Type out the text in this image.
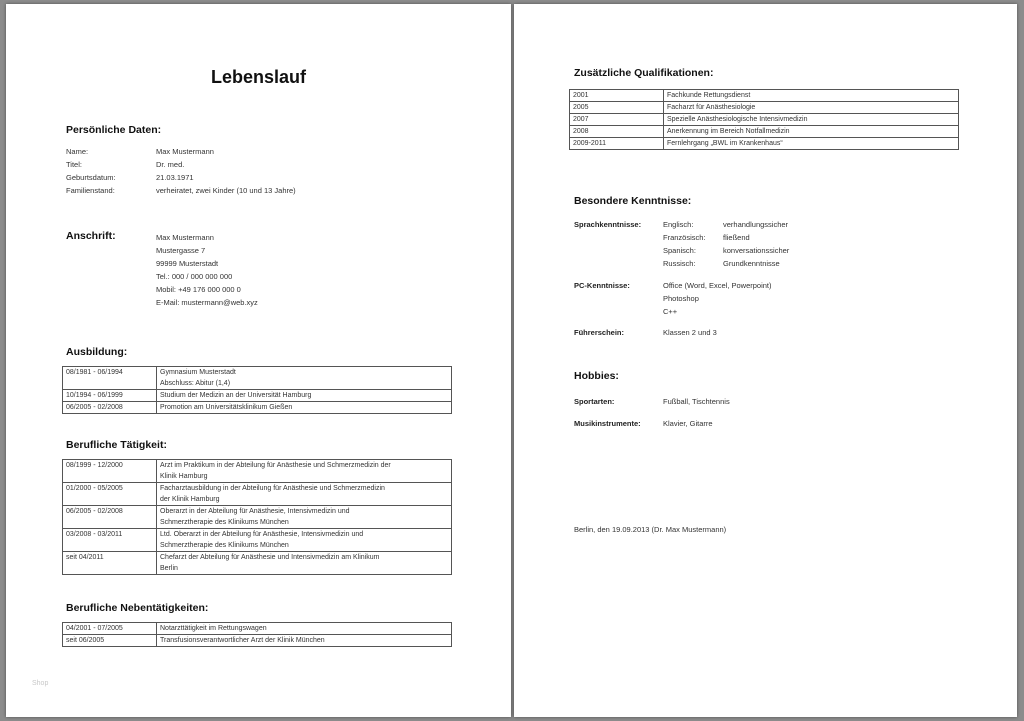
Lebenslauf
Persönliche Daten:
Name:	Max Mustermann
Titel:	Dr. med.
Geburtsdatum:	21.03.1971
Familienstand:	verheiratet, zwei Kinder (10 und 13 Jahre)
Anschrift:	Max Mustermann
Mustergasse 7
99999 Musterstadt
Tel.: 000 / 000 000 000
Mobil: +49 176 000 000 0
E-Mail: mustermann@web.xyz
Ausbildung:
08/1981 - 06/1994	Gymnasium Musterstadt
Abschluss: Abitur (1,4)

10/1994 - 06/1999	Studium der Medizin an der Universität Hamburg
06/2005 - 02/2008	Promotion am Universitätsklinikum Gießen
Berufliche Tätigkeit:
08/1999 - 12/2000	Arzt im Praktikum in der Abteilung für Anästhesie und Schmerzmedizin der
Klinik Hamburg

01/2000 - 05/2005	Facharztausbildung in der Abteilung für Anästhesie und Schmerzmedizin
der Klinik Hamburg

06/2005 - 02/2008	Oberarzt in der Abteilung für Anästhesie, Intensivmedizin und
Schmerztherapie des Klinikums München

03/2008 - 03/2011	Ltd. Oberarzt in der Abteilung für Anästhesie, Intensivmedizin und
Schmerztherapie des Klinikums München

seit 04/2011	Chefarzt der Abteilung für Anästhesie und Intensivmedizin am Klinikum
Berlin
Berufliche Nebentätigkeiten:
04/2001 - 07/2005	Notarzttätigkeit im Rettungswagen
seit 06/2005	Transfusionsverantwortlicher Arzt der Klinik München
Shop
Zusätzliche Qualifikationen:
2001	Fachkunde Rettungsdienst
2005	Facharzt für Anästhesiologie
2007	Spezielle Anästhesiologische Intensivmedizin
2008	Anerkennung im Bereich Notfallmedizin
2009-2011	Fernlehrgang „BWL im Krankenhaus“
Besondere Kenntnisse:
Sprachkenntnisse:	Englisch:	verhandlungssicher
Französisch: fließend
Spanisch:	konversationssicher
Russisch:	Grundkenntnisse
PC-Kenntnisse:	Office (Word, Excel, Powerpoint)
Photoshop
C++
Führerschein:	Klassen 2 und 3
Hobbies:
Sportarten:	Fußball, Tischtennis
Musikinstrumente:	Klavier, Gitarre
Berlin, den 19.09.2013 (Dr. Max Mustermann)
